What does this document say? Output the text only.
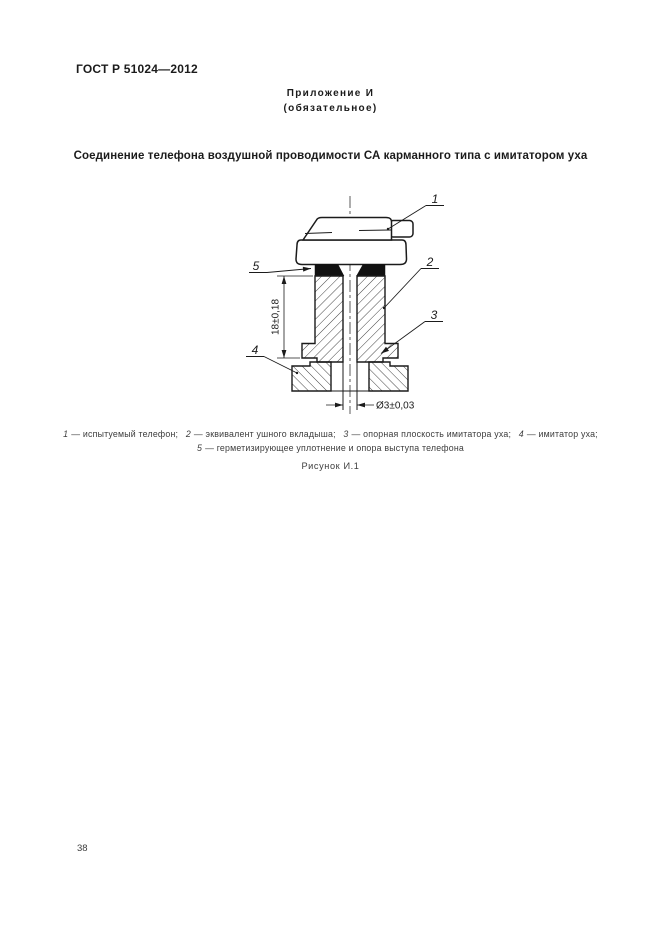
ГОСТ Р 51024—2012
Приложение И
(обязательное)
Соединение телефона воздушной проводимости СА карманного типа с имитатором уха
18±0,18
Ø3±0,03
1
2
3
4
5
1 — испытуемый телефон; 2 — эквивалент ушного вкладыша; 3 — опорная плоскость имитатора уха; 4 — имитатор уха;
5 — герметизирующее уплотнение и опора выступа телефона
Рисунок И.1
38
